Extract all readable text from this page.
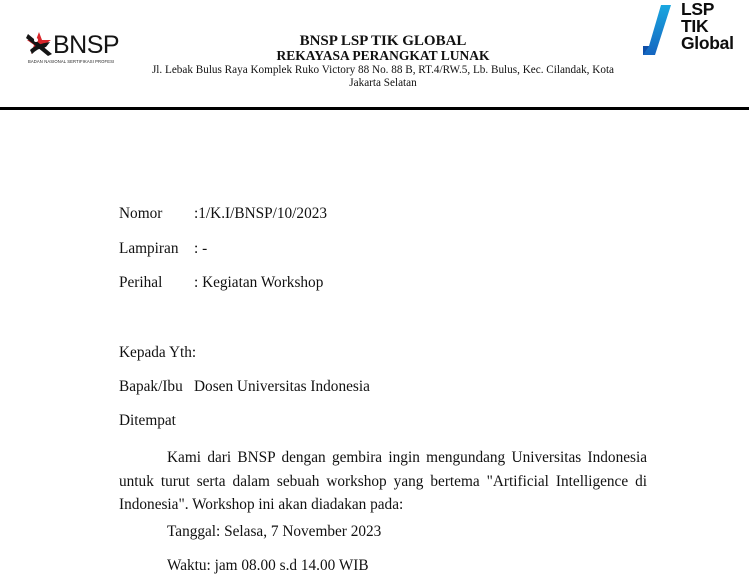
BNSP
BADAN NASIONAL SERTIFIKASI PROFESI
BNSP LSP TIK GLOBAL
REKAYASA PERANGKAT LUNAK
Jl. Lebak Bulus Raya Komplek Ruko Victory 88 No. 88 B, RT.4/RW.5, Lb. Bulus, Kec. Cilandak, Kota Jakarta Selatan
LSP
TIK
Global
Nomor :1/K.I/BNSP/10/2023
Lampiran : -
Perihal : Kegiatan Workshop
Kepada Yth:
Bapak/Ibu Dosen Universitas Indonesia
Ditempat
Kami dari BNSP dengan gembira ingin mengundang Universitas Indonesia untuk turut serta dalam sebuah workshop yang bertema "Artificial Intelligence di Indonesia". Workshop ini akan diadakan pada:
Tanggal: Selasa, 7 November 2023
Waktu: jam 08.00 s.d 14.00 WIB
